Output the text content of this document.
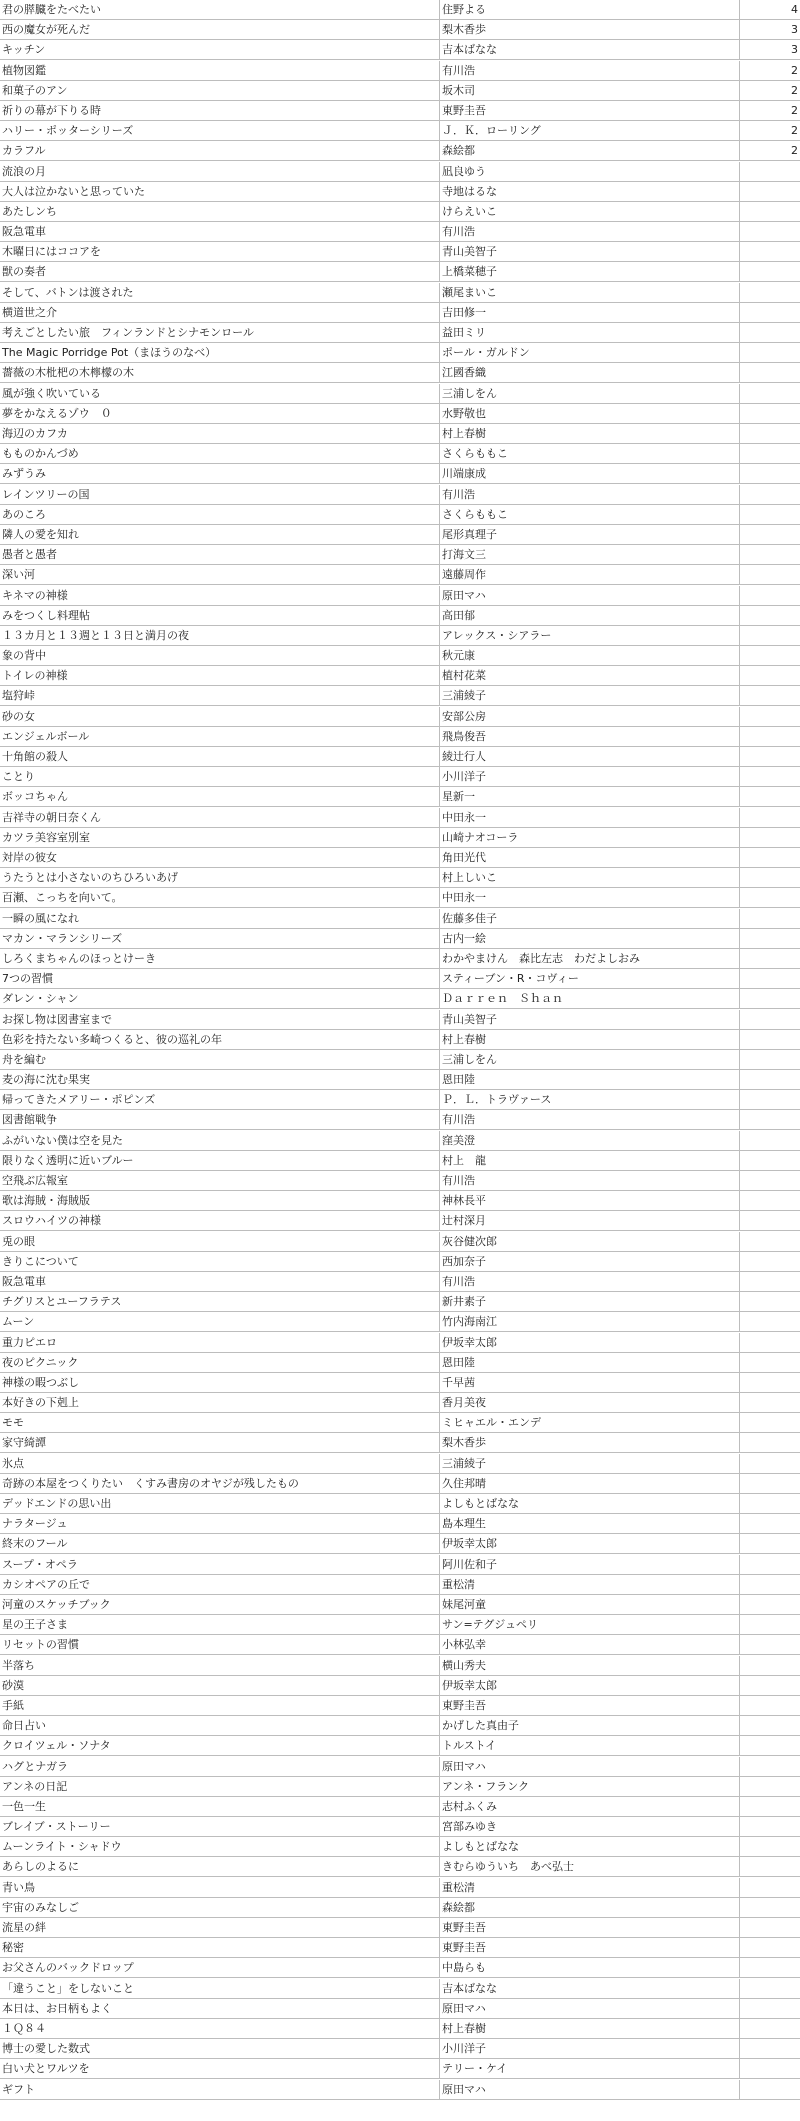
君の膵臓をたべたい	住野よる	4
西の魔女が死んだ	梨木香歩	3
キッチン	吉本ばなな	3
植物図鑑	有川浩	2
和菓子のアン	坂木司	2
祈りの幕が下りる時	東野圭吾	2
ハリー・ポッターシリーズ	Ｊ．Ｋ．ローリング	2
カラフル	森絵都	2
流浪の月	凪良ゆう
大人は泣かないと思っていた	寺地はるな
あたしンち	けらえいこ
阪急電車	有川浩
木曜日にはココアを	青山美智子
獣の奏者	上橋菜穂子
そして、バトンは渡された	瀬尾まいこ
横道世之介	吉田修一
考えごとしたい旅　フィンランドとシナモンロール	益田ミリ
The Magic Porridge Pot（まほうのなべ）	ポール・ガルドン
薔薇の木枇杷の木檸檬の木	江國香織
風が強く吹いている	三浦しをん
夢をかなえるゾウ　０	水野敬也
海辺のカフカ	村上春樹
もものかんづめ	さくらももこ
みずうみ	川端康成
レインツリーの国	有川浩
あのころ	さくらももこ
隣人の愛を知れ	尾形真理子
愚者と愚者	打海文三
深い河	遠藤周作
キネマの神様	原田マハ
みをつくし料理帖	高田郁
１３カ月と１３週と１３日と満月の夜	アレックス・シアラー
象の背中	秋元康
トイレの神様	植村花菜
塩狩峠	三浦綾子
砂の女	安部公房
エンジェルボール	飛鳥俊吾
十角館の殺人	綾辻行人
ことり	小川洋子
ボッコちゃん	星新一
吉祥寺の朝日奈くん	中田永一
カツラ美容室別室	山崎ナオコーラ
対岸の彼女	角田光代
うたうとは小さないのちひろいあげ	村上しいこ
百瀬、こっちを向いて。	中田永一
一瞬の風になれ	佐藤多佳子
マカン・マランシリーズ	古内一絵
しろくまちゃんのほっとけーき	わかやまけん　森比左志　わだよしおみ
7つの習慣	スティーブン・R・コヴィー
ダレン・シャン	Ｄａｒｒｅｎ　Ｓｈａｎ
お探し物は図書室まで	青山美智子
色彩を持たない多崎つくると、彼の巡礼の年	村上春樹
舟を編む	三浦しをん
麦の海に沈む果実	恩田陸
帰ってきたメアリー・ポピンズ	Ｐ．Ｌ．トラヴァース
図書館戦争	有川浩
ふがいない僕は空を見た	窪美澄
限りなく透明に近いブルー	村上　龍
空飛ぶ広報室	有川浩
歌は海賊・海賊版	神林長平
スロウハイツの神様	辻村深月
兎の眼	灰谷健次郎
きりこについて	西加奈子
阪急電車	有川浩
チグリスとユーフラテス	新井素子
ムーン	竹内海南江
重力ピエロ	伊坂幸太郎
夜のピクニック	恩田陸
神様の暇つぶし	千早茜
本好きの下剋上	香月美夜
モモ	ミヒャエル・エンデ
家守綺譚	梨木香歩
氷点	三浦綾子
奇跡の本屋をつくりたい　くすみ書房のオヤジが残したもの	久住邦晴
デッドエンドの思い出	よしもとばなな
ナラタージュ	島本理生
終末のフール	伊坂幸太郎
スープ・オペラ	阿川佐和子
カシオペアの丘で	重松清
河童のスケッチブック	妹尾河童
星の王子さま	サン=テグジュペリ
リセットの習慣	小林弘幸
半落ち	横山秀夫
砂漠	伊坂幸太郎
手紙	東野圭吾
命日占い	かげした真由子
クロイツェル・ソナタ	トルストイ
ハグとナガラ	原田マハ
アンネの日記	アンネ・フランク
一色一生	志村ふくみ
ブレイブ・ストーリー	宮部みゆき
ムーンライト・シャドウ	よしもとばなな
あらしのよるに	きむらゆういち　あべ弘士
青い鳥	重松清
宇宙のみなしご	森絵都
流星の絆	東野圭吾
秘密	東野圭吾
お父さんのバックドロップ	中島らも
「違うこと」をしないこと	吉本ばなな
本日は、お日柄もよく	原田マハ
１Ｑ８４	村上春樹
博士の愛した数式	小川洋子
白い犬とワルツを	テリー・ケイ
ギフト	原田マハ
